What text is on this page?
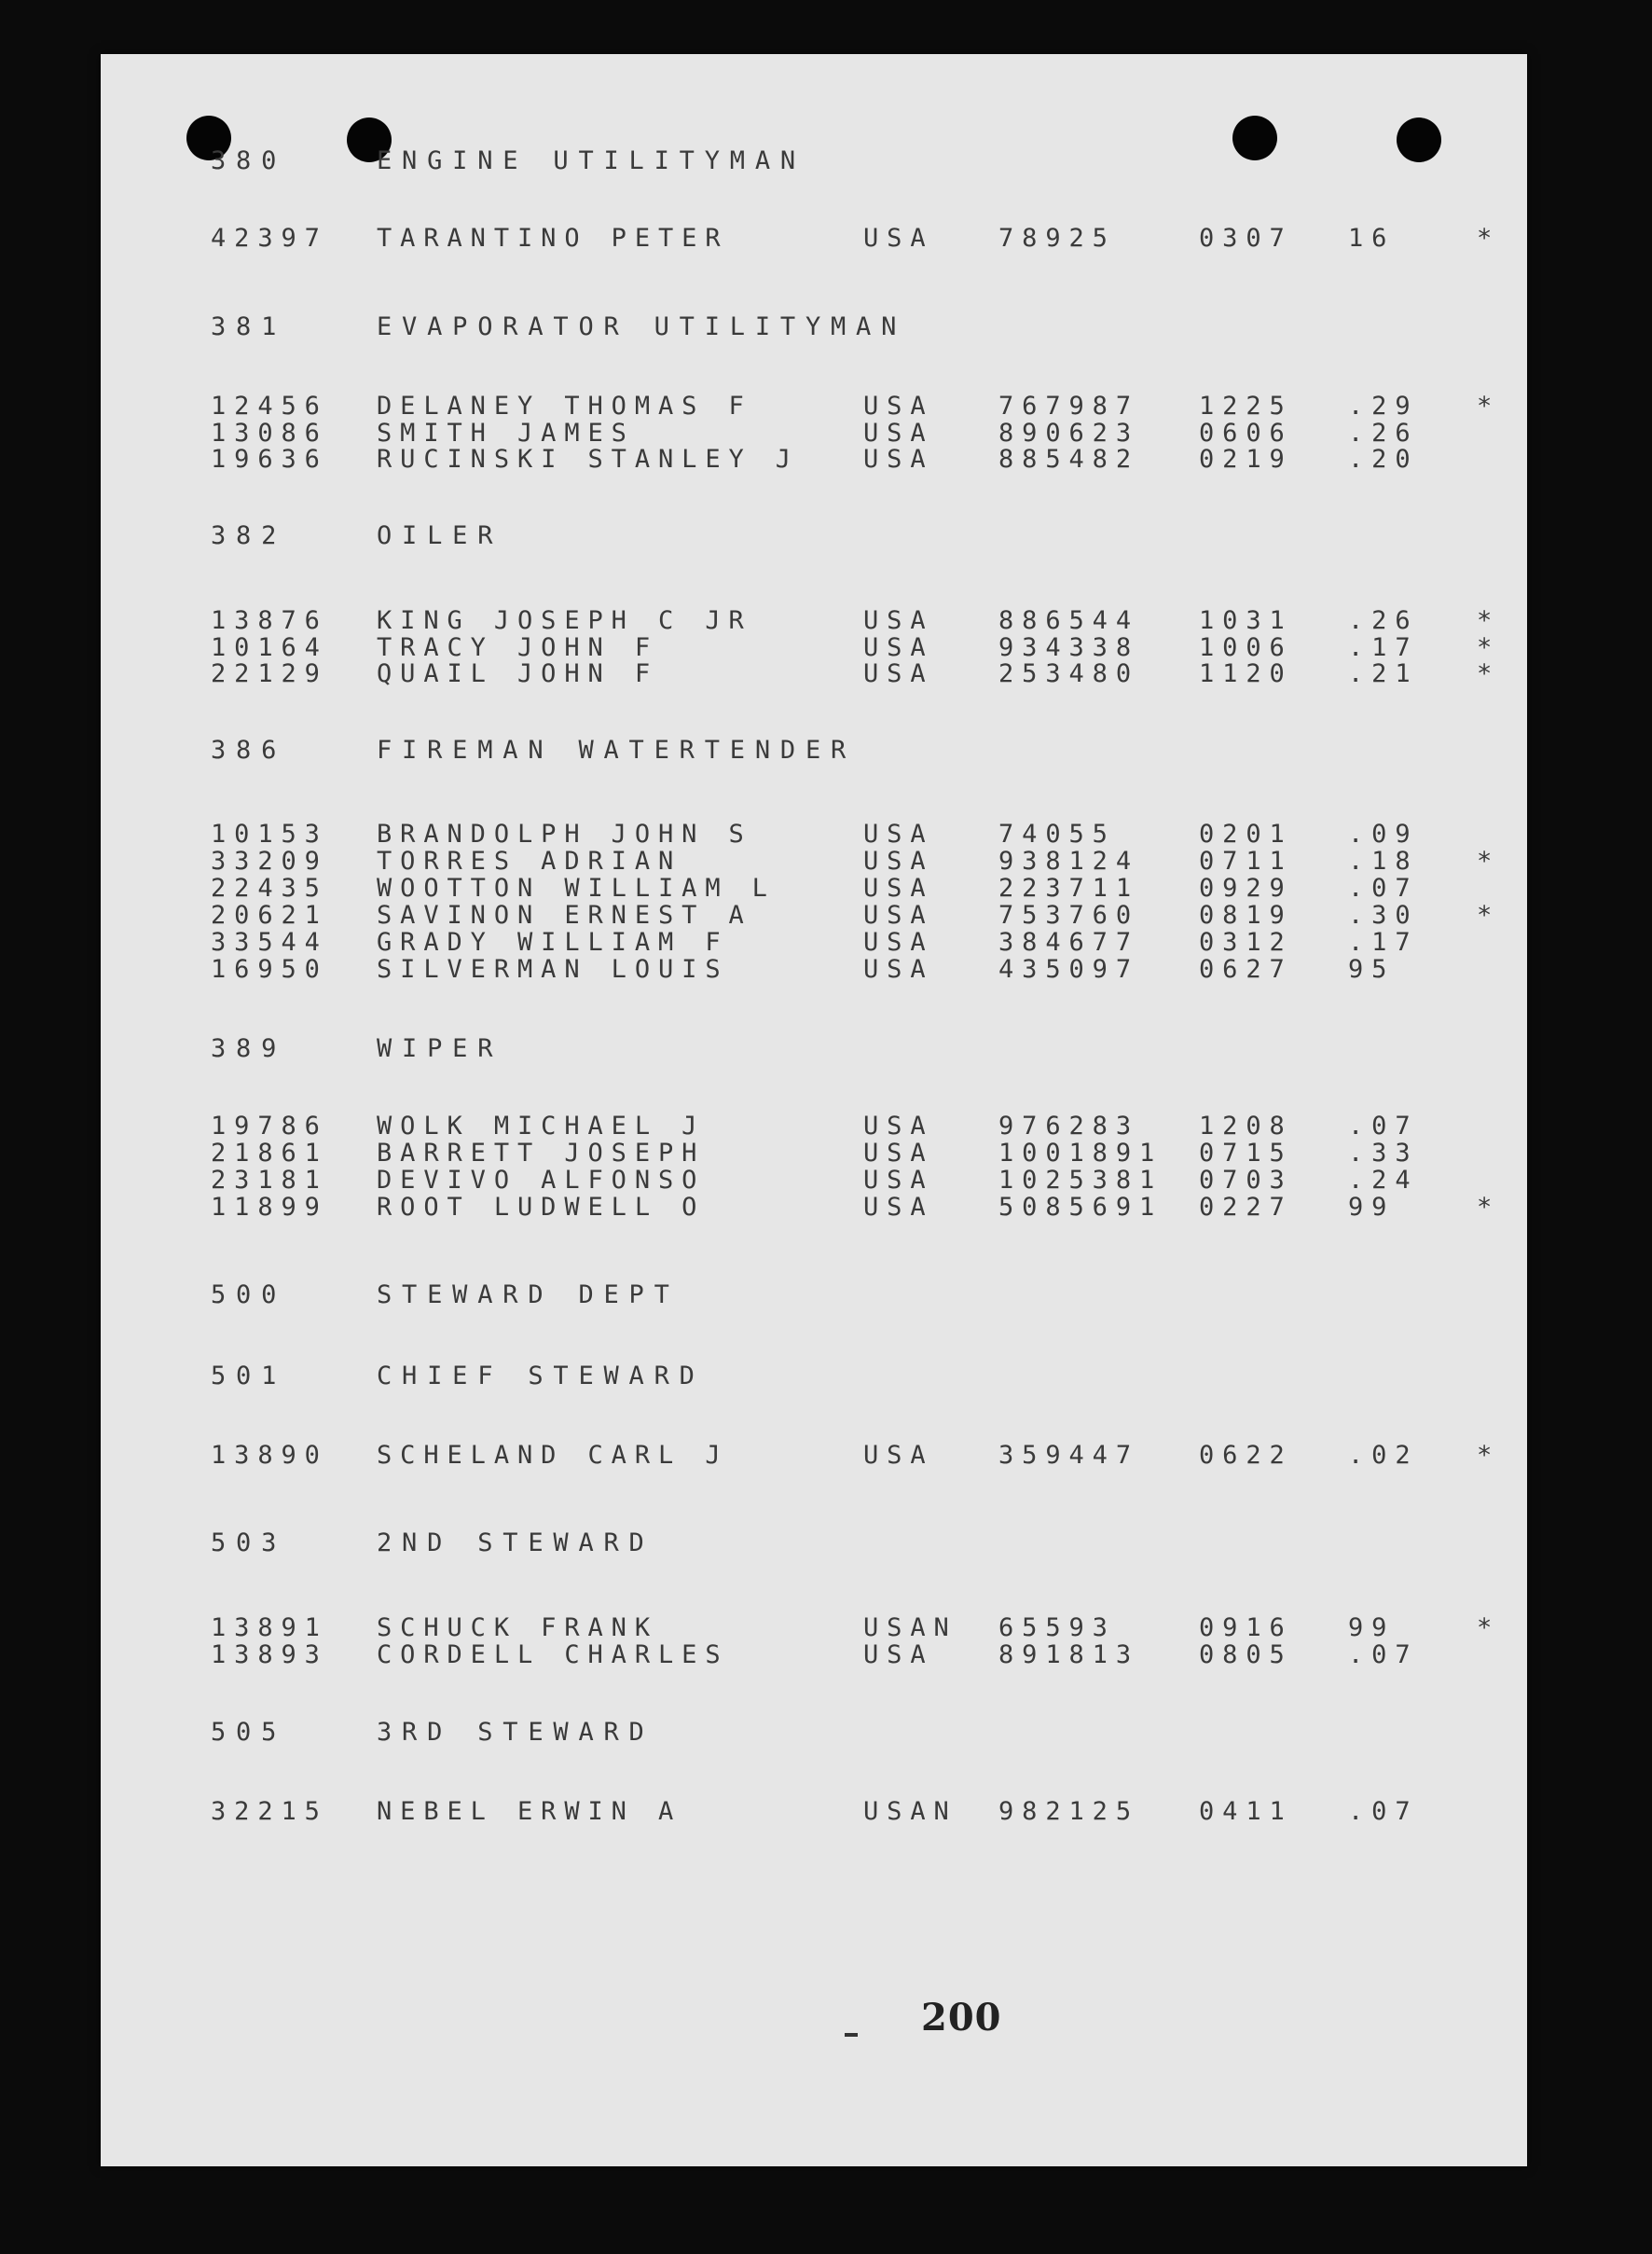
380	ENGINE UTILITYMAN
42397 TARANTINO PETER	USA	78925	0307 16	*
381	EVAPORATOR UTILITYMAN
12456 DELANEY THOMAS F	USA	767987 1225 .29 *
13086 SMITH JAMES	USA	890623 0606 .26
19636 RUCINSKI STANLEY J	USA	885482 0219 .20
382	OILER
13876 KING JOSEPH C JR	USA	886544 1031 .26 *
10164 TRACY JOHN F	USA	934338 1006 .17 *
22129 QUAIL JOHN F	USA	253480 1120 .21 *
386	FIREMAN WATERTENDER
10153 BRANDOLPH JOHN S	USA	74055	0201 .09
33209 TORRES ADRIAN	USA	938124 0711 .18 *
22435 WOOTTON WILLIAM L	USA	223711 0929 .07
20621 SAVINON ERNEST A	USA	753760 0819 .30 *
33544 GRADY WILLIAM F	USA	384677 0312 .17
16950 SILVERMAN LOUIS	USA	435097 0627 95
389	WIPER
19786 WOLK MICHAEL J	USA	976283 1208 .07
21861 BARRETT JOSEPH	USA	1001891 0715 .33
23181 DEVIVO ALFONSO	USA	1025381 0703 .24
11899 ROOT LUDWELL O	USA	5085691 0227 99	*
500	STEWARD DEPT
501	CHIEF STEWARD
13890 SCHELAND CARL J	USA	359447 0622 .02 *
503	2ND STEWARD
13891 SCHUCK FRANK	USAN 65593	0916 99	*
13893 CORDELL CHARLES	USA	891813 0805 .07
505	3RD STEWARD
32215 NEBEL ERWIN A	USAN 982125 0411 .07
200
